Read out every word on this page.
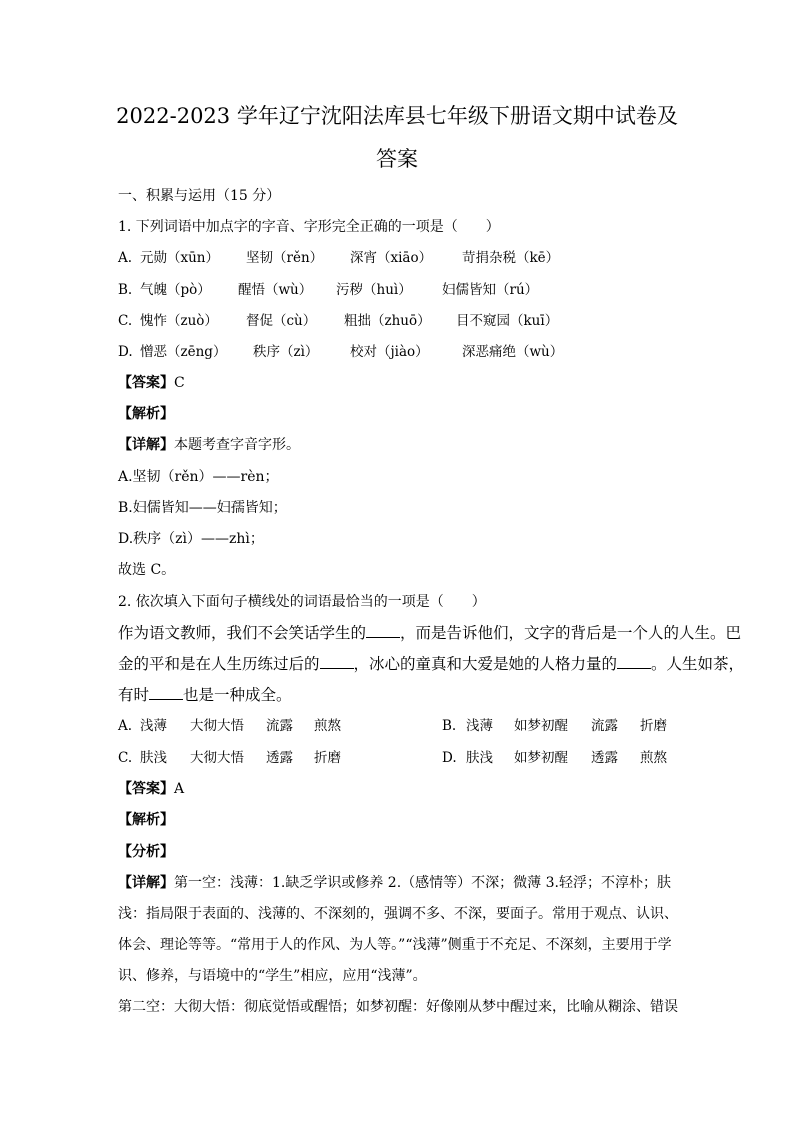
2022-2023 学年辽宁沈阳法库县七年级下册语文期中试卷及
答案
一、积累与运用（15 分）
1. 下列词语中加点字的字音、字形完全正确的一项是（　　）
A. 元勋（xūn） 坚韧（rěn） 深宵（xiāo） 苛捐杂税（kē）
B. 气魄（pò） 醒悟（wù） 污秽（huì） 妇儒皆知（rú）
C. 愧怍（zuò） 督促（cù） 粗拙（zhuō） 目不窥园（kuī）
D. 憎恶（zēng） 秩序（zì） 校对（jiào） 深恶痛绝（wù）
【答案】C
【解析】
【详解】本题考查字音字形。
A.坚韧（rěn）——rèn；
B.妇儒皆知——妇孺皆知；
D.秩序（zì）——zhì；
故选 C。
2. 依次填入下面句子横线处的词语最恰当的一项是（　　）
作为语文教师，我们不会笑话学生的 ，而是告诉他们，文字的背后是一个人的人生。巴
金的平和是在人生历练过后的 ，冰心的童真和大爱是她的人格力量的 。人生如茶，
有时 也是一种成全。
A. 浅薄 大彻大悟 流露 煎熬	B. 浅薄 如梦初醒 流露 折磨
C. 肤浅 大彻大悟 透露 折磨	D. 肤浅 如梦初醒 透露 煎熬
【答案】A
【解析】
【分析】
【详解】第一空：浅薄：1.缺乏学识或修养 2.（感情等）不深；微薄 3.轻浮；不淳朴；肤
浅：指局限于表面的、浅薄的、不深刻的，强调不多、不深，要面子。常用于观点、认识、
体会、理论等等。“常用于人的作风、为人等。”“浅薄”侧重于不充足、不深刻，主要用于学
识、修养，与语境中的“学生”相应，应用“浅薄”。
第二空：大彻大悟：彻底觉悟或醒悟；如梦初醒：好像刚从梦中醒过来，比喻从糊涂、错误
